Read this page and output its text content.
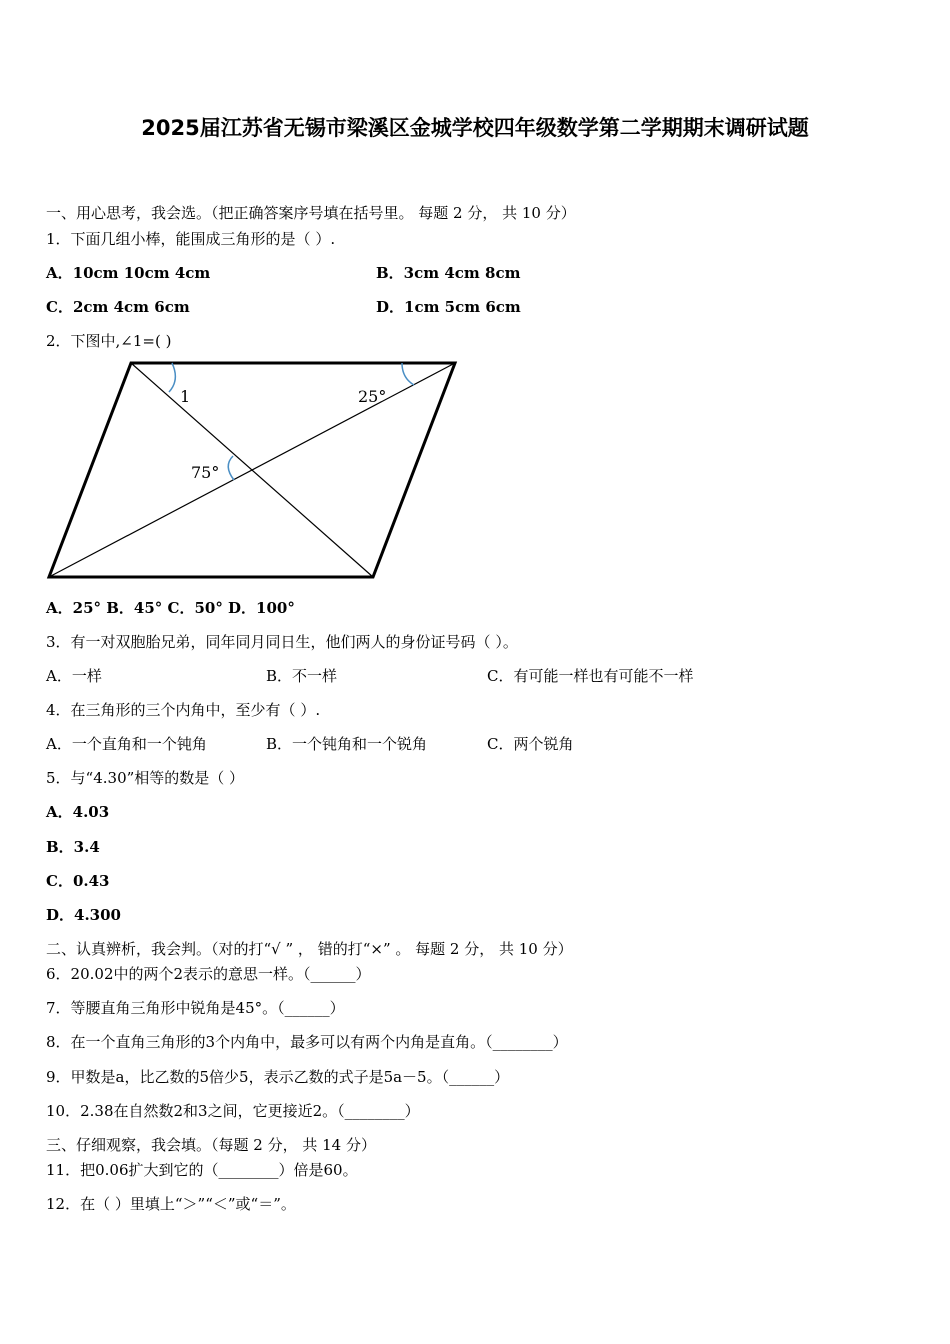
2025届江苏省无锡市梁溪区金城学校四年级数学第二学期期末调研试题
一、用心思考，我会选。（把正确答案序号填在括号里。 每题 2 分， 共 10 分）
1．下面几组小棒，能围成三角形的是（ ）.
A．10cm 10cm 4cm	B．3cm 4cm 8cm
C．2cm 4cm 6cm	D．1cm 5cm 6cm
2．下图中,∠1=( )
1	25°
75°
A．25° B．45° C．50° D．100°
3．有一对双胞胎兄弟，同年同月同日生，他们两人的身份证号码（ ）。
A．一样	B．不一样	C．有可能一样也有可能不一样
4．在三角形的三个内角中，至少有（ ）.
A．一个直角和一个钝角	B．一个钝角和一个锐角	C．两个锐角
5．与“4.30”相等的数是（ ）
A．4.03
B．3.4
C．0.43
D．4.300
二、认真辨析，我会判。（对的打“√ ” ， 错的打“×” 。 每题 2 分， 共 10 分）
6．20.02中的两个2表示的意思一样。（______）
7．等腰直角三角形中锐角是45°。（______）
8．在一个直角三角形的3个内角中，最多可以有两个内角是直角。（________）
9．甲数是a，比乙数的5倍少5，表示乙数的式子是5a－5。（______）
10．2.38在自然数2和3之间，它更接近2。（________）
三、仔细观察，我会填。（每题 2 分， 共 14 分）
11．把0.06扩大到它的（________）倍是60。
12．在（ ）里填上“＞”“＜”或“＝”。
